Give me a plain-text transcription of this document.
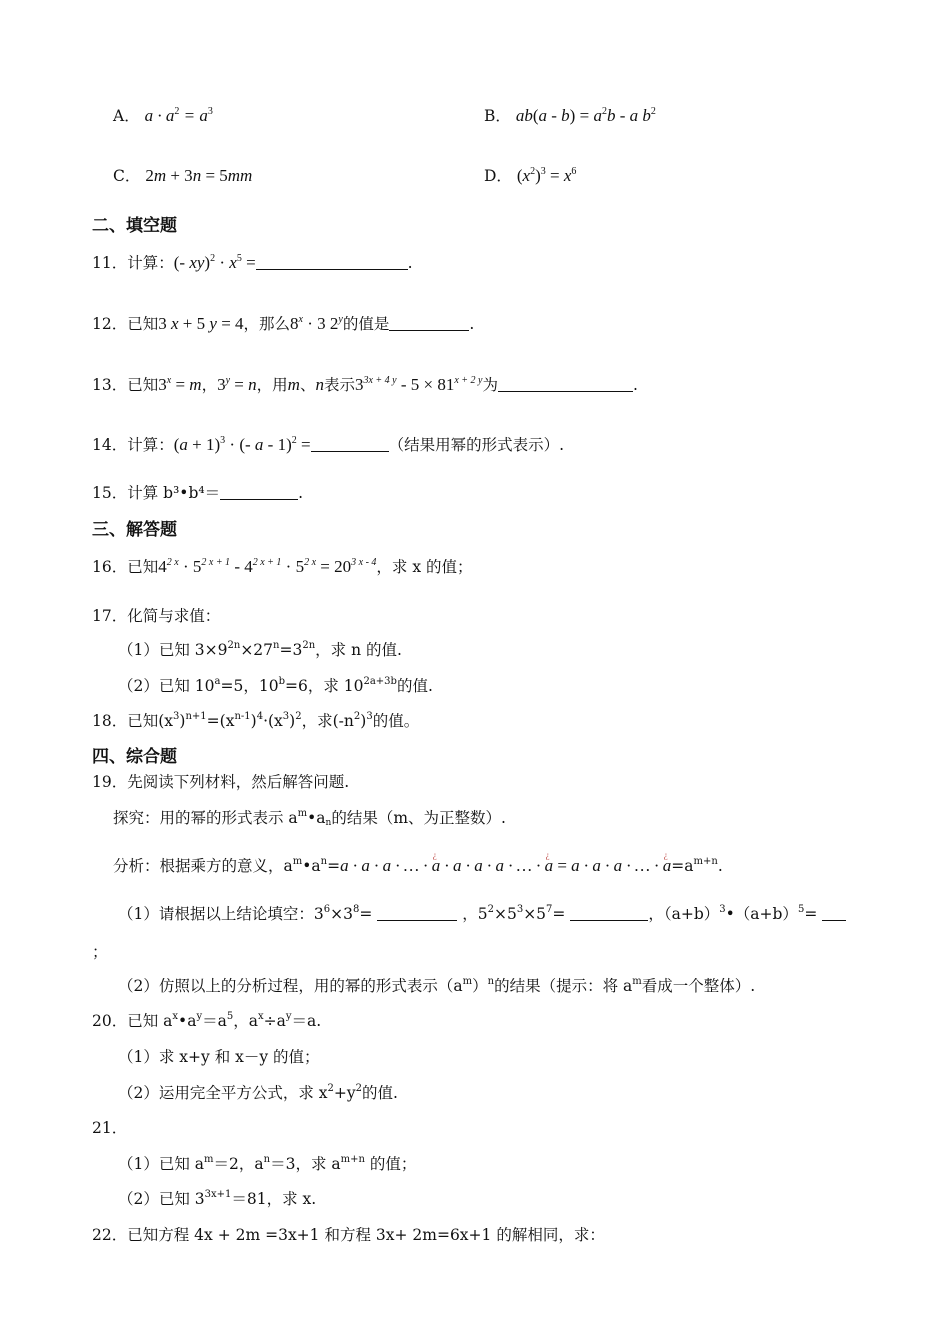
A． $a \cdot a^2 = a^3$	B． $ab(a - b) = a^2b - a$ $b^2$
C． 2m + 3n = 5mm	D． $(x^2)^3 = x^6$
二、填空题
11．计算：(- $xy)^2 \cdot x^5$ =	.
12．已知3 x + 5 y = 4，那么$8^x \cdot 3$ 2$^y$的值是	.
13．已知$3^x = m$，$3^y = n$，用m、n表示$3^{3x + 4 y} - 5 \times 81^{x + 2 y}$为	.
14．计算：$(a + 1)^3$ · (- a - 1)$^2$ =	（结果用幂的形式表示）.
15．计算 b³•b⁴＝	.
三、解答题
16．已知$4^{2 x} \cdot 5^{2 x + 1} - 4^{2 x + 1} \cdot 5^{2 x} = 20^{3 x - 4}$，求 x 的值；
17．化简与求值：
（1）已知 $3\times 9^{2n}\times 27^n=3^{2n}$，求 n 的值.
（2）已知 $10^a=5$，$10^b=6$，求 $10^{2a+3b}$的值.
18．已知$(x^3)^{n+1}=(x^{n-1})^4\cdot(x^3)^2$，求$(-n^2)^3$的值。
四、综合题
19．先阅读下列材料，然后解答问题.
探究：用的幂的形式表示 $a^m•a_n$的结果（m、为正整数）.
分析：根据乘方的意义，$a^m•a^n=a \cdot a \cdot a$ · … · ¿ a · a · a · a · … · ¿ a = a · a · a · … · ¿ $a=a^{m+n}$.
（1）请根据以上结论填空：$3^6\times 3^8=$	，$5^2\times 5^3\times 5^7=$	，$(a+b)^3•(a+b)^5=$
；
（2）仿照以上的分析过程，用的幂的形式表示$(a^m)^n$的结果（提示：将 $a^m$看成一个整体）.
20．已知 $a^x•a^y=a^5$，$a^x\div a^y=a$.
（1）求 x+y 和 x－y 的值；
（2）运用完全平方公式，求 $x^2+y^2$的值.
21．
（1）已知 $a^m=2$，$a^n=3$，求 $a^{m+n}$ 的值；
（2）已知 $3^{3x+1}=81$，求 x.
22．已知方程 4x + 2m =3x+1 和方程 3x+ 2m=6x+1 的解相同，求：
